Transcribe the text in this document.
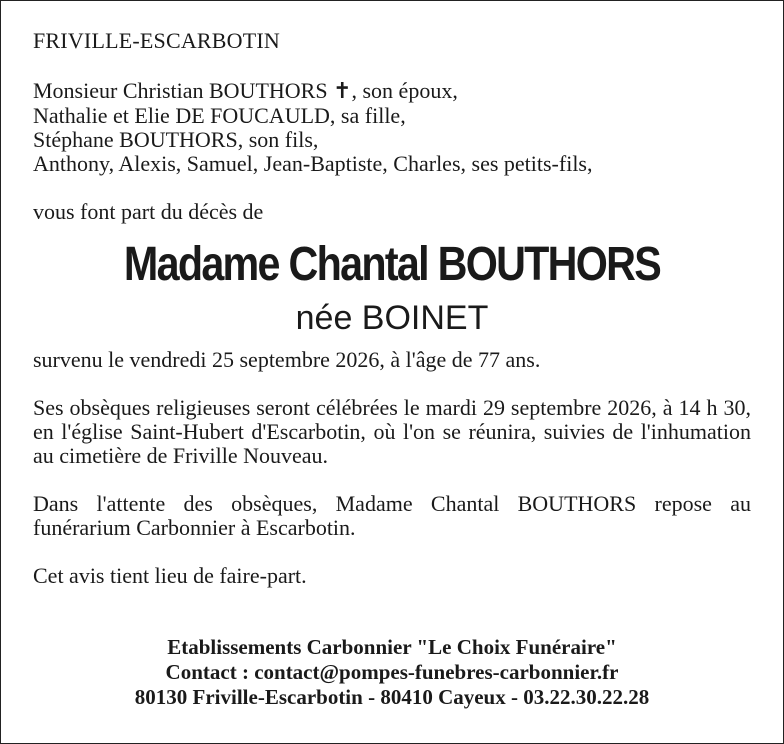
FRIVILLE-ESCARBOTIN

Monsieur Christian BOUTHORS ✝, son époux,

Nathalie et Elie DE FOUCAULD, sa fille,

Stéphane BOUTHORS, son fils,

Anthony, Alexis, Samuel, Jean-Baptiste, Charles, ses petits-fils,

vous font part du décès de

Madame Chantal BOUTHORS

née BOINET

survenu le vendredi 25 septembre 2026, à l'âge de 77 ans.

Ses obsèques religieuses seront célébrées le mardi 29 septembre 2026, à 14 h 30, en l'église Saint-Hubert d'Escarbotin, où l'on se réunira, suivies de l'inhumation au cimetière de Friville Nouveau.

Dans l'attente des obsèques, Madame Chantal BOUTHORS repose au funérarium Carbonnier à Escarbotin.

Cet avis tient lieu de faire-part.

Etablissements Carbonnier "Le Choix Funéraire"

Contact : contact@pompes-funebres-carbonnier.fr

80130 Friville-Escarbotin - 80410 Cayeux - 03.22.30.22.28
